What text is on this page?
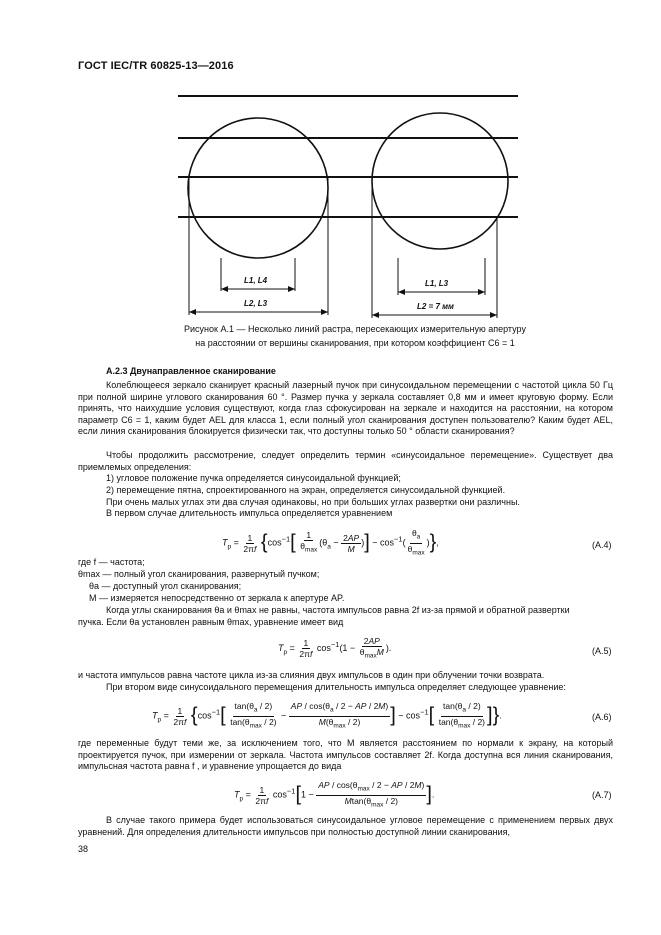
ГОСТ IEC/TR 60825-13—2016
L1, L4
L2, L3
L1, L3
L2 = 7 мм
Рисунок А.1 — Несколько линий растра, пересекающих измерительную апертуру
на расстоянии от вершины сканирования, при котором коэффициент C6 = 1
А.2.3 Двунаправленное сканирование
Колеблющееся зеркало сканирует красный лазерный пучок при синусоидальном перемещении с частотой цикла 50 Гц при полной ширине углового сканирования 60 °. Размер пучка у зеркала составляет 0,8 мм и имеет круговую форму. Если принять, что наихудшие условия существуют, когда глаз сфокусирован на зеркале и находится на расстоянии, на котором параметр C6 = 1, каким будет AEL для класса 1, если полный угол сканирования доступен пользователю? Каким будет AEL, если линия сканирования блокируется физически так, что доступны только 50 ° области сканирования?
Чтобы продолжить рассмотрение, следует определить термин «синусоидальное перемещение». Существует два приемлемых определения:
1) угловое положение пучка определяется синусоидальной функцией;
2) перемещение пятна, спроектированного на экран, определяется синусоидальной функцией.
При очень малых углах эти два случая одинаковы, но при больших углах развертки они различны.
В первом случае длительность импульса определяется уравнением
$T_p = \frac{1}{2\pi f} \{\cos^{-1}[ \frac{1}{\theta_{max}} (\theta_a - \frac{2AP}{M}$ )] − $\cos^{-1}( \frac{\theta_a}{\theta_{max}}$ )},	(А.4)
где f — частота;
θmax — полный угол сканирования, развернутый пучком;
θa — доступный угол сканирования;
M — измеряется непосредственно от зеркала к апертуре AP.
Когда углы сканирования θa и θmax не равны, частота импульсов равна 2f из-за прямой и обратной развертки
пучка. Если θa установлен равным θmax, уравнение имеет вид
$T_p = \frac{1}{2\pi f} \cos^{-1}(1 - \frac{2AP}{\theta_{max}M}$ ).	(А.5)
и частота импульсов равна частоте цикла из-за слияния двух импульсов в один при облучении точки возврата.
При втором виде синусоидального перемещения длительность импульса определяет следующее уравнение:
$T_p = \frac{1}{2\pi f} \{\cos^{-1}[ \frac{\tan(\theta_a / 2)}{\tan(\theta_{max} / 2)} - \frac{AP / \cos(\theta_a / 2 - AP / 2M)}{M(\theta_{max} / 2)}$ ] − $\cos^{-1}[ \frac{\tan(\theta_a / 2)}{\tan(\theta_{max} / 2)}$ ]}.	(А.6)
где переменные будут теми же, за исключением того, что M является расстоянием по нормали к экрану, на который проектируется пучок, при измерении от зеркала. Частота импульсов составляет 2f. Когда доступна вся линия сканирования, импульсная частота равна f , и уравнение упрощается до вида
$T_p = \frac{1}{2\pi f} \cos^{-1}[1 - \frac{AP / \cos(\theta_{max} / 2 - AP / 2M)}{Mtan(\theta_{max} / 2)}$ ].	(А.7)
В случае такого примера будет использоваться синусоидальное угловое перемещение с применением первых двух уравнений. Для определения длительности импульсов при полностью доступной линии сканирования,
38
